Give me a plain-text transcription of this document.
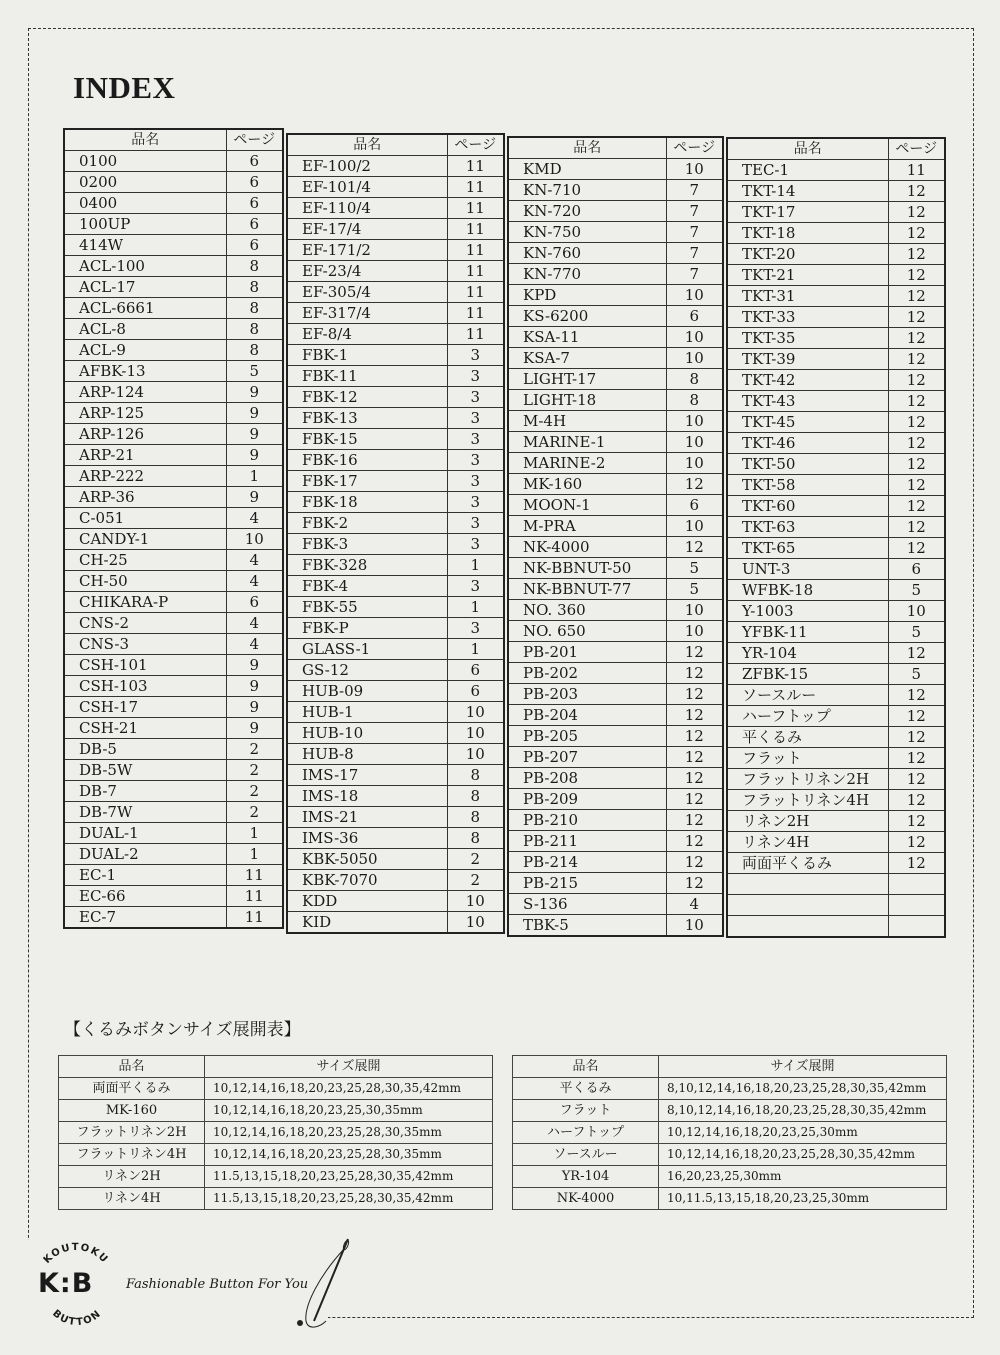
INDEX
品名	ページ
0100	6
0200	6
0400	6
100UP	6
414W	6
ACL-100	8
ACL-17	8
ACL-6661	8
ACL-8	8
ACL-9	8
AFBK-13	5
ARP-124	9
ARP-125	9
ARP-126	9
ARP-21	9
ARP-222	1
ARP-36	9
C-051	4
CANDY-1	10
CH-25	4
CH-50	4
CHIKARA-P	6
CNS-2	4
CNS-3	4
CSH-101	9
CSH-103	9
CSH-17	9
CSH-21	9
DB-5	2
DB-5W	2
DB-7	2
DB-7W	2
DUAL-1	1
DUAL-2	1
EC-1	11
EC-66	11
EC-7	11
品名	ページ
EF-100/2	11
EF-101/4	11
EF-110/4	11
EF-17/4	11
EF-171/2	11
EF-23/4	11
EF-305/4	11
EF-317/4	11
EF-8/4	11
FBK-1	3
FBK-11	3
FBK-12	3
FBK-13	3
FBK-15	3
FBK-16	3
FBK-17	3
FBK-18	3
FBK-2	3
FBK-3	3
FBK-328	1
FBK-4	3
FBK-55	1
FBK-P	3
GLASS-1	1
GS-12	6
HUB-09	6
HUB-1	10
HUB-10	10
HUB-8	10
IMS-17	8
IMS-18	8
IMS-21	8
IMS-36	8
KBK-5050	2
KBK-7070	2
KDD	10
KID	10
品名	ページ
KMD	10
KN-710	7
KN-720	7
KN-750	7
KN-760	7
KN-770	7
KPD	10
KS-6200	6
KSA-11	10
KSA-7	10
LIGHT-17	8
LIGHT-18	8
M-4H	10
MARINE-1	10
MARINE-2	10
MK-160	12
MOON-1	6
M-PRA	10
NK-4000	12
NK-BBNUT-50	5
NK-BBNUT-77	5
NO. 360	10
NO. 650	10
PB-201	12
PB-202	12
PB-203	12
PB-204	12
PB-205	12
PB-207	12
PB-208	12
PB-209	12
PB-210	12
PB-211	12
PB-214	12
PB-215	12
S-136	4
TBK-5	10
品名	ページ
TEC-1	11
TKT-14	12
TKT-17	12
TKT-18	12
TKT-20	12
TKT-21	12
TKT-31	12
TKT-33	12
TKT-35	12
TKT-39	12
TKT-42	12
TKT-43	12
TKT-45	12
TKT-46	12
TKT-50	12
TKT-58	12
TKT-60	12
TKT-63	12
TKT-65	12
UNT-3	6
WFBK-18	5
Y-1003	10
YFBK-11	5
YR-104	12
ZFBK-15	5
ソースルー	12
ハーフトップ	12
平くるみ	12
フラット	12
フラットリネン2H	12
フラットリネン4H	12
リネン2H	12
リネン4H	12
両面平くるみ	12

【くるみボタンサイズ展開表】
品名	サイズ展開
両面平くるみ	10,12,14,16,18,20,23,25,28,30,35,42mm
MK-160	10,12,14,16,18,20,23,25,30,35mm
フラットリネン2H	10,12,14,16,18,20,23,25,28,30,35mm
フラットリネン4H	10,12,14,16,18,20,23,25,28,30,35mm
リネン2H	11.5,13,15,18,20,23,25,28,30,35,42mm
リネン4H	11.5,13,15,18,20,23,25,28,30,35,42mm
品名	サイズ展開
平くるみ	8,10,12,14,16,18,20,23,25,28,30,35,42mm
フラット	8,10,12,14,16,18,20,23,25,28,30,35,42mm
ハーフトップ	10,12,14,16,18,20,23,25,30mm
ソースルー	10,12,14,16,18,20,23,25,28,30,35,42mm
YR-104	16,20,23,25,30mm
NK-4000	10,11.5,13,15,18,20,23,25,30mm
KOUTOKU
BUTTON
K:B	Fashionable Button For You
